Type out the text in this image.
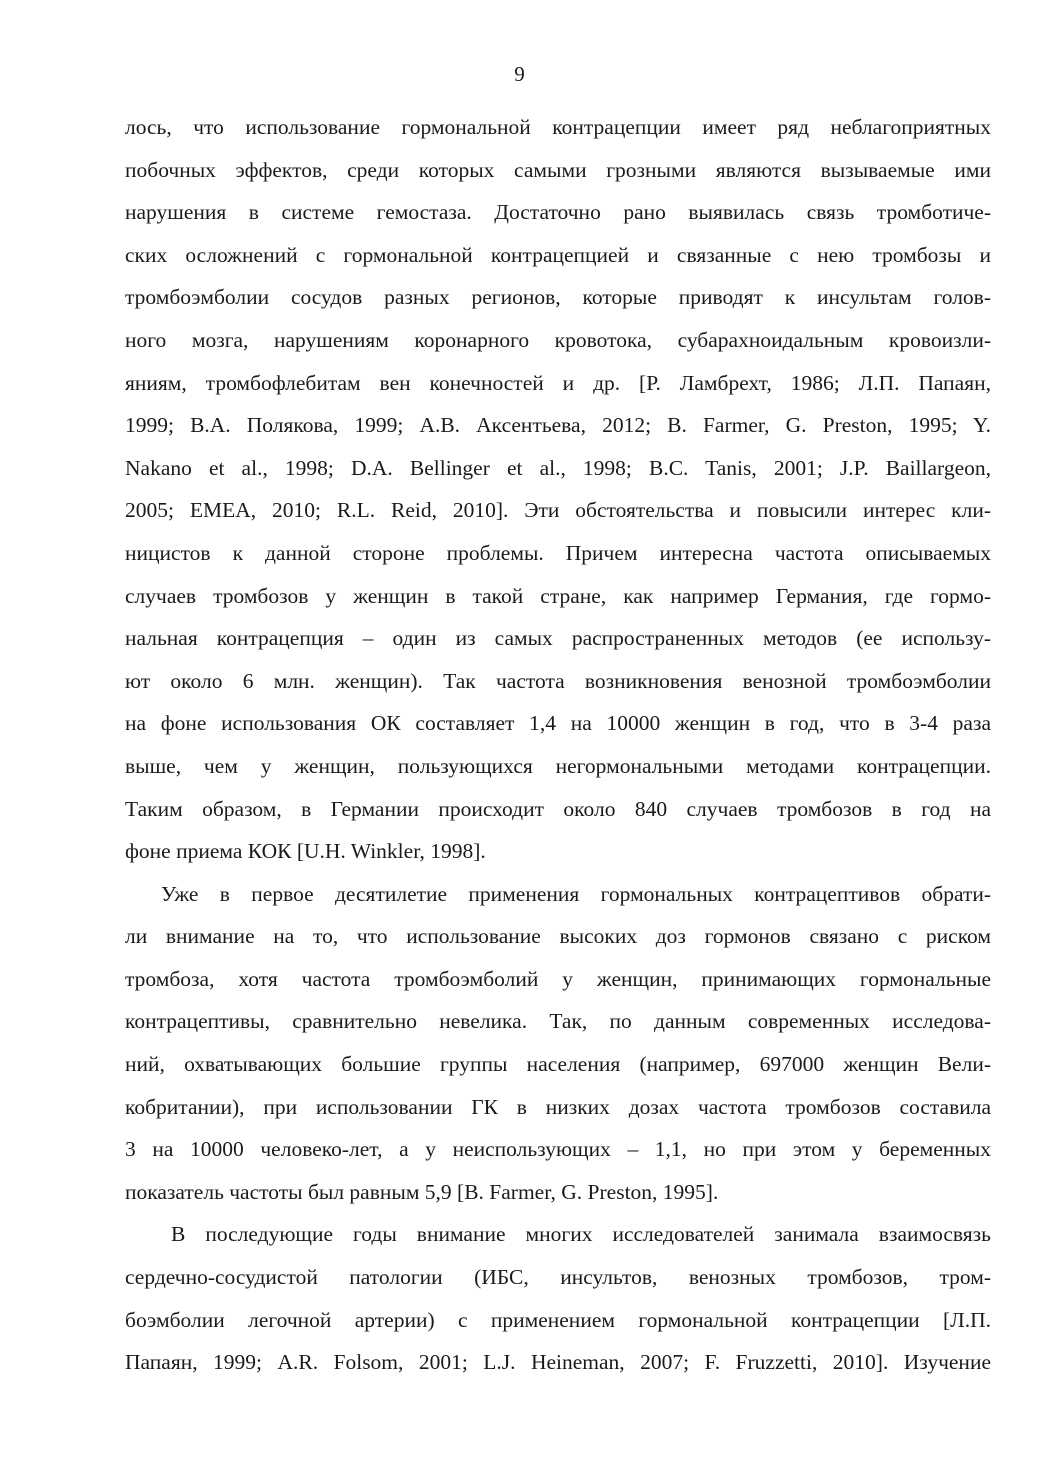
9
лось, что использование гормональной контрацепции имеет ряд неблагоприятных
побочных эффектов, среди которых самыми грозными являются вызываемые ими
нарушения в системе гемостаза. Достаточно рано выявилась связь тромботиче-
ских осложнений с гормональной контрацепцией и связанные с нею тромбозы и
тромбоэмболии сосудов разных регионов, которые приводят к инсультам голов-
ного мозга, нарушениям коронарного кровотока, субарахноидальным кровоизли-
яниям, тромбофлебитам вен конечностей и др. [Р. Ламбрехт, 1986; Л.П. Папаян,
1999; В.А. Полякова, 1999; А.В. Аксентьева, 2012; B. Farmer, G. Preston, 1995; Y.
Nakano et al., 1998; D.A. Bellinger et al., 1998; B.C. Tanis, 2001; J.P. Baillargeon,
2005; EMEA, 2010; R.L. Reid, 2010]. Эти обстоятельства и повысили интерес кли-
ницистов к данной стороне проблемы. Причем интересна частота описываемых
случаев тромбозов у женщин в такой стране, как например Германия, где гормо-
нальная контрацепция – один из самых распространенных методов (ее использу-
ют около 6 млн. женщин). Так частота возникновения венозной тромбоэмболии
на фоне использования ОК составляет 1,4 на 10000 женщин в год, что в 3-4 раза
выше, чем у женщин, пользующихся негормональными методами контрацепции.
Таким образом, в Германии происходит около 840 случаев тромбозов в год на
фоне приема КОК [U.H. Winkler, 1998].
Уже в первое десятилетие применения гормональных контрацептивов обрати-
ли внимание на то, что использование высоких доз гормонов связано с риском
тромбоза, хотя частота тромбоэмболий у женщин, принимающих гормональные
контрацептивы, сравнительно невелика. Так, по данным современных исследова-
ний, охватывающих большие группы населения (например, 697000 женщин Вели-
кобритании), при использовании ГК в низких дозах частота тромбозов составила
3 на 10000 человеко-лет, а у неиспользующих – 1,1, но при этом у беременных
показатель частоты был равным 5,9 [B. Farmer, G. Preston, 1995].
В последующие годы внимание многих исследователей занимала взаимосвязь
сердечно-сосудистой патологии (ИБС, инсультов, венозных тромбозов, тром-
боэмболии легочной артерии) с применением гормональной контрацепции [Л.П.
Папаян, 1999; A.R. Folsom, 2001; L.J. Heineman, 2007; F. Fruzzetti, 2010]. Изучение
